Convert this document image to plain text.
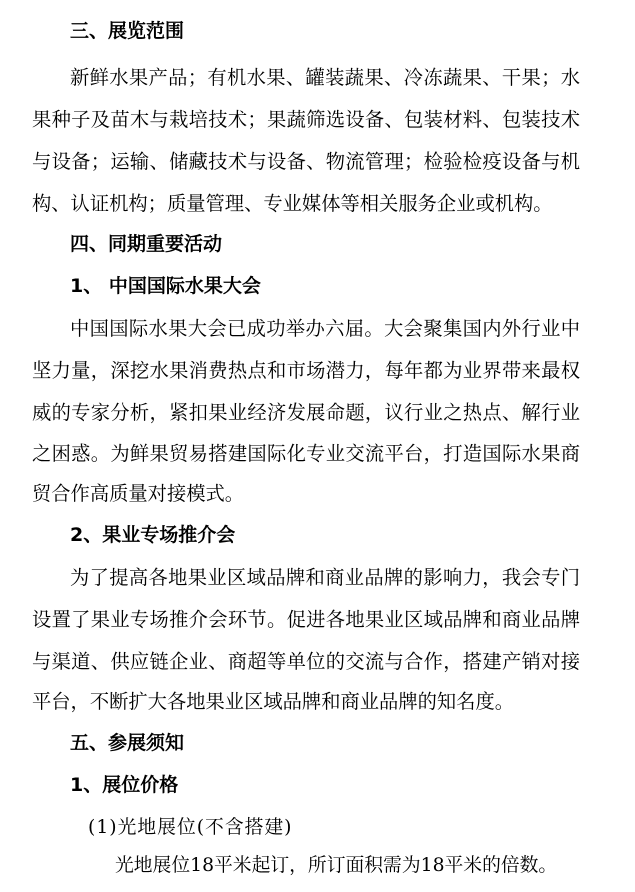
三、展览范围
新鲜水果产品；有机水果、罐装蔬果、冷冻蔬果、干果；水
果种子及苗木与栽培技术；果蔬筛选设备、包装材料、包装技术
与设备；运输、储藏技术与设备、物流管理；检验检疫设备与机
构、认证机构；质量管理、专业媒体等相关服务企业或机构。
四、同期重要活动
1、 中国国际水果大会
中国国际水果大会已成功举办六届。大会聚集国内外行业中
坚力量，深挖水果消费热点和市场潜力，每年都为业界带来最权
威的专家分析，紧扣果业经济发展命题，议行业之热点、解行业
之困惑。为鲜果贸易搭建国际化专业交流平台，打造国际水果商
贸合作高质量对接模式。
2、果业专场推介会
为了提高各地果业区域品牌和商业品牌的影响力，我会专门
设置了果业专场推介会环节。促进各地果业区域品牌和商业品牌
与渠道、供应链企业、商超等单位的交流与合作，搭建产销对接
平台，不断扩大各地果业区域品牌和商业品牌的知名度。
五、参展须知
1、展位价格
(1)光地展位(不含搭建)
光地展位18平米起订，所订面积需为18平米的倍数。
